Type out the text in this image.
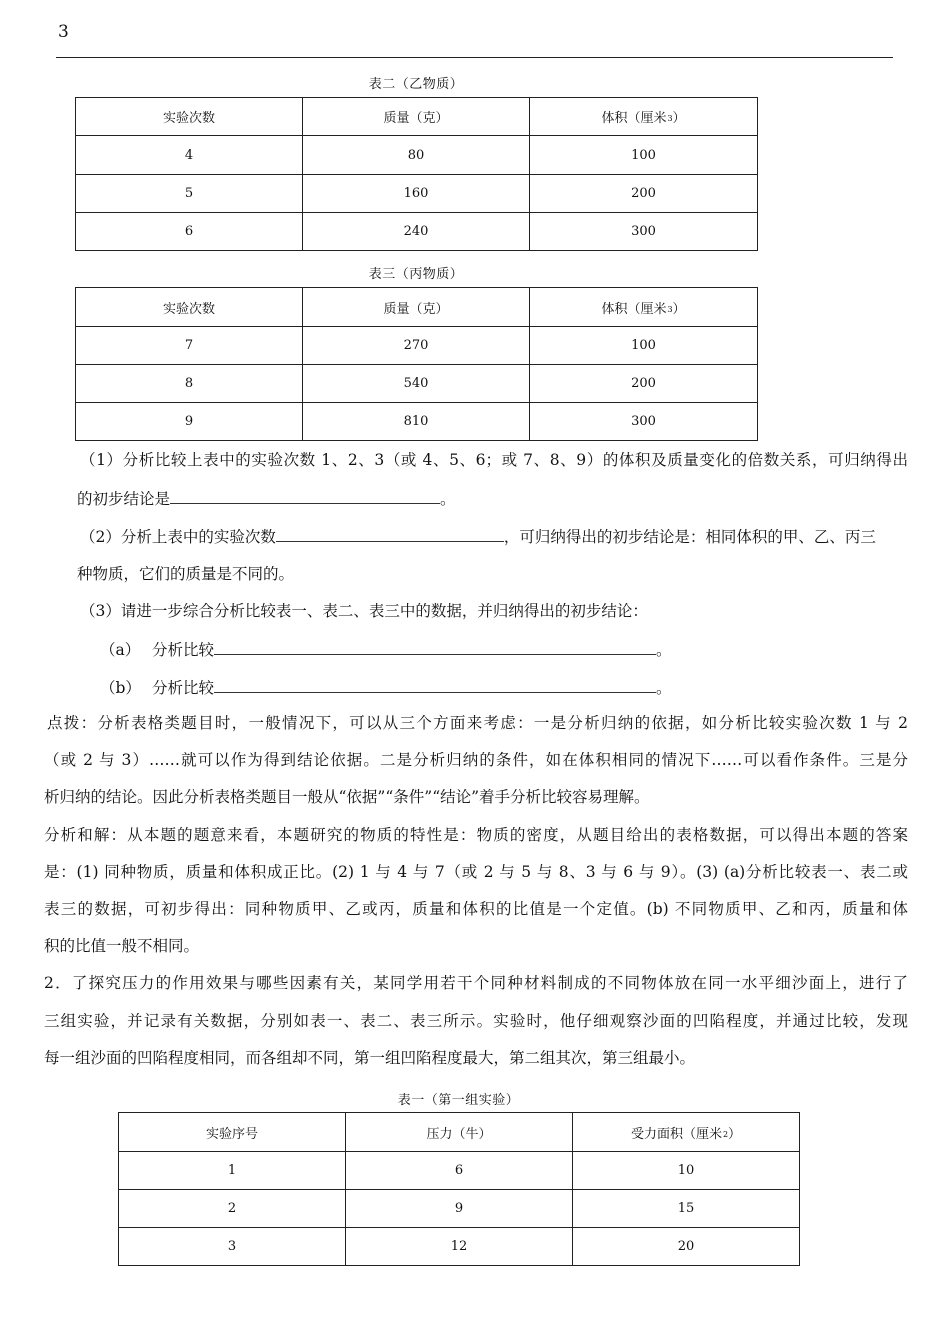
3
表二（乙物质）
实验次数	质量（克）	体积（厘米$_3$）
4	80	100
5	160	200
6	240	300
表三（丙物质）
实验次数	质量（克）	体积（厘米$_3$）
7	270	100
8	540	200
9	810	300
（1）分析比较上表中的实验次数 1、2、3（或 4、5、6；或 7、8、9）的体积及质量变化的倍数关系，可归纳得出
的初步结论是	。
（2）分析上表中的实验次数	，可归纳得出的初步结论是：相同体积的甲、乙、丙三
种物质，它们的质量是不同的。
（3）请进一步综合分析比较表一、表二、表三中的数据，并归纳得出的初步结论：
（a） 分析比较	。
（b） 分析比较	。
点拨：分析表格类题目时，一般情况下，可以从三个方面来考虑：一是分析归纳的依据，如分析比较实验次数 1 与 2
（或 2 与 3）……就可以作为得到结论依据。二是分析归纳的条件，如在体积相同的情况下……可以看作条件。三是分
析归纳的结论。因此分析表格类题目一般从“依据”“条件”“结论”着手分析比较容易理解。
分析和解：从本题的题意来看，本题研究的物质的特性是：物质的密度，从题目给出的表格数据，可以得出本题的答案
是：(1) 同种物质，质量和体积成正比。(2) 1 与 4 与 7（或 2 与 5 与 8、3 与 6 与 9）。(3) (a)分析比较表一、表二或
表三的数据，可初步得出：同种物质甲、乙或丙，质量和体积的比值是一个定值。(b) 不同物质甲、乙和丙，质量和体
积的比值一般不相同。
2．了探究压力的作用效果与哪些因素有关，某同学用若干个同种材料制成的不同物体放在同一水平细沙面上，进行了
三组实验，并记录有关数据，分别如表一、表二、表三所示。实验时，他仔细观察沙面的凹陷程度，并通过比较，发现
每一组沙面的凹陷程度相同，而各组却不同，第一组凹陷程度最大，第二组其次，第三组最小。
表一（第一组实验）
实验序号	压力（牛）	受力面积（厘米$_2$）
1	6	10
2	9	15
3	12	20
